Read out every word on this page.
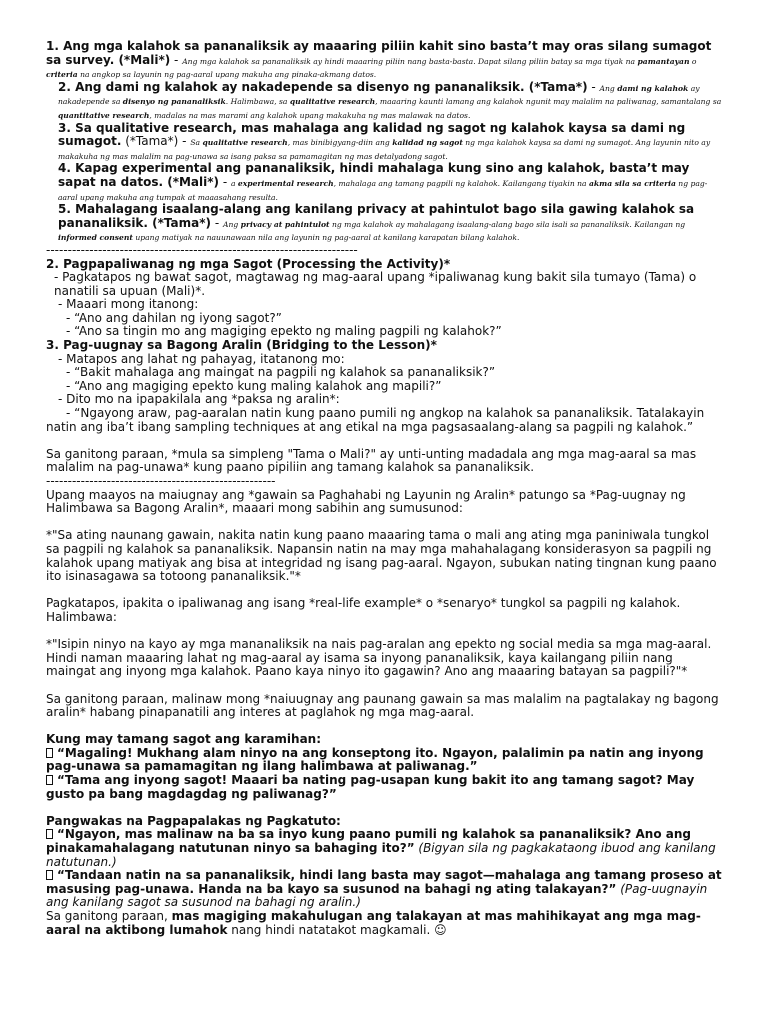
1. Ang mga kalahok sa pananaliksik ay maaaring piliin kahit sino basta’t may oras silang sumagot sa survey. (*Mali*) - Ang mga kalahok sa pananaliksik ay hindi maaaring piliin nang basta-basta. Dapat silang piliin batay sa mga tiyak na pamantayan o criteria na angkop sa layunin ng pag-aaral upang makuha ang pinaka-akmang datos.
2. Ang dami ng kalahok ay nakadepende sa disenyo ng pananaliksik. (*Tama*) - Ang dami ng kalahok ay nakadepende sa disenyo ng pananaliksik. Halimbawa, sa qualitative research, maaaring kaunti lamang ang kalahok ngunit may malalim na paliwanag, samantalang sa quantitative research, madalas na mas marami ang kalahok upang makakuha ng mas malawak na datos.
3. Sa qualitative research, mas mahalaga ang kalidad ng sagot ng kalahok kaysa sa dami ng sumagot. (*Tama*) - Sa qualitative research, mas binibigyang-diin ang kalidad ng sagot ng mga kalahok kaysa sa dami ng sumagot. Ang layunin nito ay makakuha ng mas malalim na pag-unawa sa isang paksa sa pamamagitan ng mas detalyadong sagot.
4. Kapag experimental ang pananaliksik, hindi mahalaga kung sino ang kalahok, basta’t may sapat na datos. (*Mali*) - a experimental research, mahalaga ang tamang pagpili ng kalahok. Kailangang tiyakin na akma sila sa criteria ng pag-aaral upang makuha ang tumpak at maaasahang resulta.
5. Mahalagang isaalang-alang ang kanilang privacy at pahintulot bago sila gawing kalahok sa pananaliksik. (*Tama*) - Ang privacy at pahintulot ng mga kalahok ay mahalagang isaalang-alang bago sila isali sa pananaliksik. Kailangan ng informed consent upang matiyak na nauunawaan nila ang layunin ng pag-aaral at kanilang karapatan bilang kalahok.
------------------------------------------------------------------------
2. Pagpapaliwanag ng mga Sagot (Processing the Activity)*
- Pagkatapos ng bawat sagot, magtawag ng mag-aaral upang *ipaliwanag kung bakit sila tumayo (Tama) o nanatili sa upuan (Mali)*.
- Maaari mong itanong:
- “Ano ang dahilan ng iyong sagot?”
- “Ano sa tingin mo ang magiging epekto ng maling pagpili ng kalahok?”
3. Pag-uugnay sa Bagong Aralin (Bridging to the Lesson)*
- Matapos ang lahat ng pahayag, itatanong mo:
- “Bakit mahalaga ang maingat na pagpili ng kalahok sa pananaliksik?”
- “Ano ang magiging epekto kung maling kalahok ang mapili?”
- Dito mo na ipapakilala ang *paksa ng aralin*:
- “Ngayong araw, pag-aaralan natin kung paano pumili ng angkop na kalahok sa pananaliksik. Tatalakayin natin ang iba’t ibang sampling techniques at ang etikal na mga pagsasaalang-alang sa pagpili ng kalahok.”
Sa ganitong paraan, *mula sa simpleng "Tama o Mali?" ay unti-unting madadala ang mga mag-aaral sa mas malalim na pag-unawa* kung paano pipiliin ang tamang kalahok sa pananaliksik.
-----------------------------------------------------
Upang maayos na maiugnay ang *gawain sa Paghahabi ng Layunin ng Aralin* patungo sa *Pag-uugnay ng Halimbawa sa Bagong Aralin*, maaari mong sabihin ang sumusunod:
*"Sa ating naunang gawain, nakita natin kung paano maaaring tama o mali ang ating mga paniniwala tungkol sa pagpili ng kalahok sa pananaliksik. Napansin natin na may mga mahahalagang konsiderasyon sa pagpili ng kalahok upang matiyak ang bisa at integridad ng isang pag-aaral. Ngayon, subukan nating tingnan kung paano ito isinasagawa sa totoong pananaliksik."*
Pagkatapos, ipakita o ipaliwanag ang isang *real-life example* o *senaryo* tungkol sa pagpili ng kalahok. Halimbawa:
*"Isipin ninyo na kayo ay mga mananaliksik na nais pag-aralan ang epekto ng social media sa mga mag-aaral. Hindi naman maaaring lahat ng mag-aaral ay isama sa inyong pananaliksik, kaya kailangang piliin nang maingat ang inyong mga kalahok. Paano kaya ninyo ito gagawin? Ano ang maaaring batayan sa pagpili?"*
Sa ganitong paraan, malinaw mong *naiuugnay ang paunang gawain sa mas malalim na pagtalakay ng bagong aralin* habang pinapanatili ang interes at paglahok ng mga mag-aaral.
Kung may tamang sagot ang karamihan:
“Magaling! Mukhang alam ninyo na ang konseptong ito. Ngayon, palalimin pa natin ang inyong pag-unawa sa pamamagitan ng ilang halimbawa at paliwanag.”
“Tama ang inyong sagot! Maaari ba nating pag-usapan kung bakit ito ang tamang sagot? May gusto pa bang magdagdag ng paliwanag?”
Pangwakas na Pagpapalakas ng Pagkatuto:
“Ngayon, mas malinaw na ba sa inyo kung paano pumili ng kalahok sa pananaliksik? Ano ang pinakamahalagang natutunan ninyo sa bahaging ito?” (Bigyan sila ng pagkakataong ibuod ang kanilang natutunan.)
“Tandaan natin na sa pananaliksik, hindi lang basta may sagot—mahalaga ang tamang proseso at masusing pag-unawa. Handa na ba kayo sa susunod na bahagi ng ating talakayan?” (Pag-uugnayin ang kanilang sagot sa susunod na bahagi ng aralin.)
Sa ganitong paraan, mas magiging makahulugan ang talakayan at mas mahihikayat ang mga mag-aaral na aktibong lumahok nang hindi natatakot magkamali. ☺
